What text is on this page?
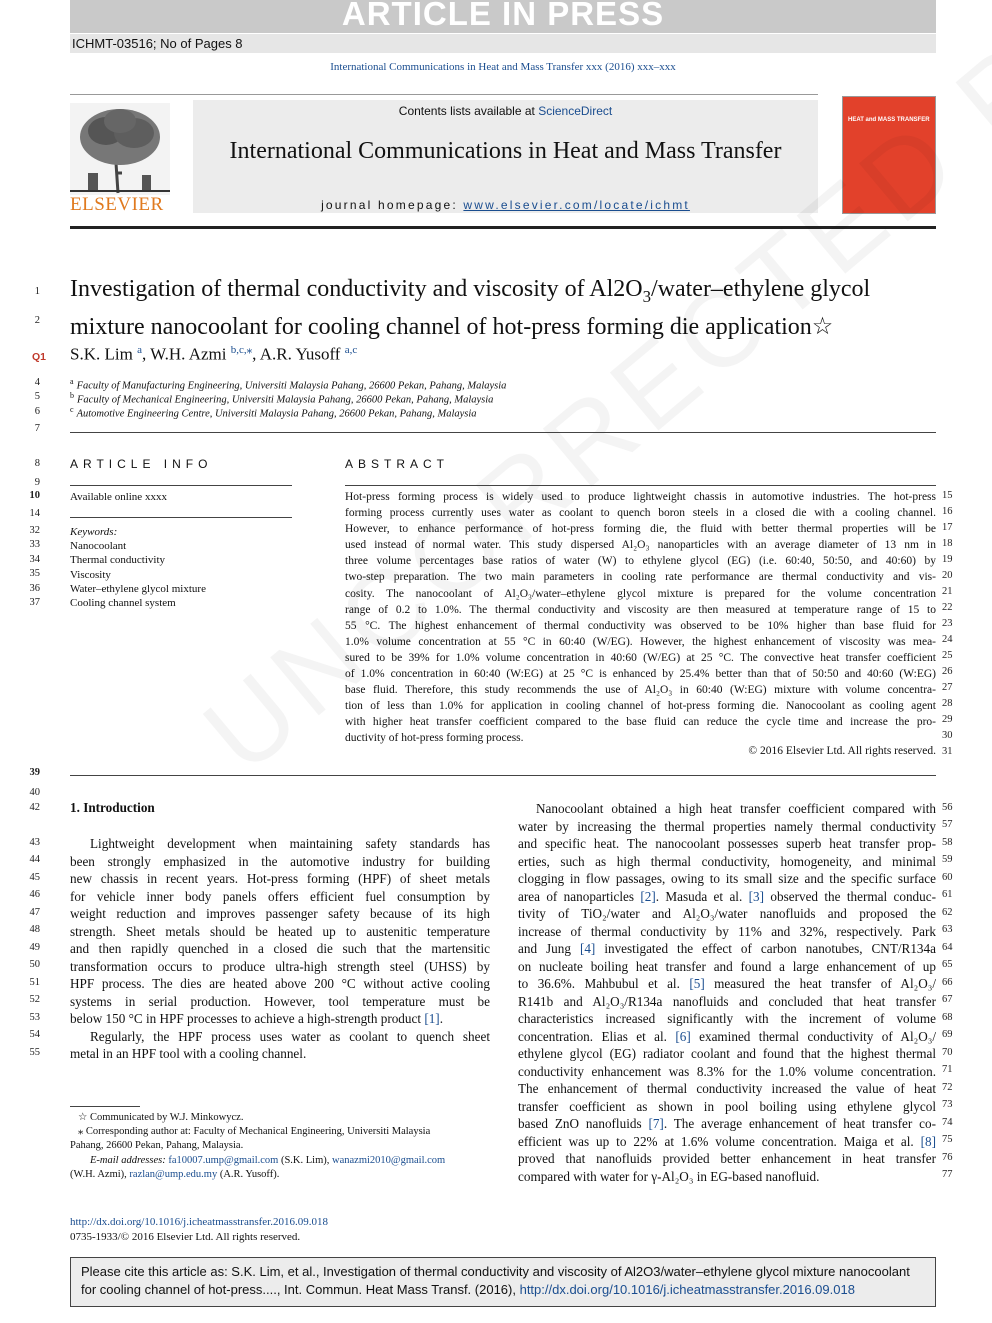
ARTICLE IN PRESS
ICHMT-03516; No of Pages 8
International Communications in Heat and Mass Transfer xxx (2016) xxx–xxx
ELSEVIER
Contents lists available at ScienceDirect
International Communications in Heat and Mass Transfer
journal homepage: www.elsevier.com/locate/ichmt
HEAT and MASS TRANSFER
1
2
Investigation of thermal conductivity and viscosity of $Al2O_3/water$–ethylene glycol
mixture nanocoolant for cooling channel of hot-press forming die application☆
Q1 S.K. Lim $^a$, W.H. Azmi $^{b,c,⁎}$, A.R. Yusoff $^{a,c}$
4
5
6
7
$^a$ Faculty of Manufacturing Engineering, Universiti Malaysia Pahang, 26600 Pekan, Pahang, Malaysia
$^b$ Faculty of Mechanical Engineering, Universiti Malaysia Pahang, 26600 Pekan, Pahang, Malaysia
$^c$ Automotive Engineering Centre, Universiti Malaysia Pahang, 26600 Pekan, Pahang, Malaysia
8
9
10
14
32
33
34
35
36
37
ARTICLE INFO
Available online xxxx
Keywords:
Nanocoolant
Thermal conductivity
Viscosity
Water–ethylene glycol mixture
Cooling channel system
ABSTRACT
Hot-press forming process is widely used to produce lightweight chassis in automotive industries. The hot-press
forming process currently uses water as coolant to quench boron steels in a closed die with a cooling channel.
However, to enhance performance of hot-press forming die, the fluid with better thermal properties will be
used instead of normal water. This study dispersed Al₂O₃ nanoparticles with an average diameter of 13 nm in
three volume percentages base ratios of water (W) to ethylene glycol (EG) (i.e. 60:40, 50:50, and 40:60) by
two-step preparation. The two main parameters in cooling rate performance are thermal conductivity and vis-
cosity. The nanocoolant of Al₂O₃/water–ethylene glycol mixture is prepared for the volume concentration
range of 0.2 to 1.0%. The thermal conductivity and viscosity are then measured at temperature range of 15 to
55 °C. The highest enhancement of thermal conductivity was observed to be 10% higher than base fluid for
1.0% volume concentration at 55 °C in 60:40 (W/EG). However, the highest enhancement of viscosity was mea-
sured to be 39% for 1.0% volume concentration in 40:60 (W/EG) at 25 °C. The convective heat transfer coefficient
of 1.0% concentration in 60:40 (W:EG) at 25 °C is enhanced by 25.4% better than that of 50:50 and 40:60 (W:EG)
base fluid. Therefore, this study recommends the use of Al₂O₃ in 60:40 (W:EG) mixture with volume concentra-
tion of less than 1.0% for application in cooling channel of hot-press forming die. Nanocoolant as cooling agent
with higher heat transfer coefficient compared to the base fluid can reduce the cycle time and increase the pro-
ductivity of hot-press forming process.
© 2016 Elsevier Ltd. All rights reserved.
15
16
17
18
19
20
21
22
23
24
25
26
27
28
29
30
31
39
40
42 1. Introduction
Lightweight development when maintaining safety standards has
been strongly emphasized in the automotive industry for building
new chassis in recent years. Hot-press forming (HPF) of sheet metals
for vehicle inner body panels offers efficient fuel consumption by
weight reduction and improves passenger safety because of its high
strength. Sheet metals should be heated up to austenitic temperature
and then rapidly quenched in a closed die such that the martensitic
transformation occurs to produce ultra-high strength steel (UHSS) by
HPF process. The dies are heated above 200 °C without active cooling
systems in serial production. However, tool temperature must be
below 150 °C in HPF processes to achieve a high-strength product [1].
Regularly, the HPF process uses water as coolant to quench sheet
metal in an HPF tool with a cooling channel.
43
44
45
46
47
48
49
50
51
52
53
54
55
Nanocoolant obtained a high heat transfer coefficient compared with
water by increasing the thermal properties namely thermal conductivity
and specific heat. The nanocoolant possesses superb heat transfer prop-
erties, such as high thermal conductivity, homogeneity, and minimal
clogging in flow passages, owing to its small size and the specific surface
area of nanoparticles [2]. Masuda et al. [3] observed the thermal conduc-
tivity of TiO₂/water and Al₂O₃/water nanofluids and proposed the
increase of thermal conductivity by 11% and 32%, respectively. Park
and Jung [4] investigated the effect of carbon nanotubes, CNT/R134a
on nucleate boiling heat transfer and found a large enhancement of up
to 36.6%. Mahbubul et al. [5] measured the heat transfer of Al₂O₃/
R141b and Al₂O₃/R134a nanofluids and concluded that heat transfer
characteristics increased significantly with the increment of volume
concentration. Elias et al. [6] examined thermal conductivity of Al₂O₃/
ethylene glycol (EG) radiator coolant and found that the highest thermal
conductivity enhancement was 8.3% for the 1.0% volume concentration.
The enhancement of thermal conductivity increased the value of heat
transfer coefficient as shown in pool boiling using ethylene glycol
based ZnO nanofluids [7]. The average enhancement of heat transfer co-
efficient was up to 22% at 1.6% volume concentration. Maiga et al. [8]
proved that nanofluids provided better enhancement in heat transfer
compared with water for γ-Al₂O₃ in EG-based nanofluid.
56
57
58
59
60
61
62
63
64
65
66
67
68
69
70
71
72
73
74
75
76
77
☆ Communicated by W.J. Minkowycz.
⁎ Corresponding author at: Faculty of Mechanical Engineering, Universiti Malaysia
Pahang, 26600 Pekan, Pahang, Malaysia.
E-mail addresses: fa10007.ump@gmail.com (S.K. Lim), wanazmi2010@gmail.com
(W.H. Azmi), razlan@ump.edu.my (A.R. Yusoff).
http://dx.doi.org/10.1016/j.icheatmasstransfer.2016.09.018
0735-1933/© 2016 Elsevier Ltd. All rights reserved.
Please cite this article as: S.K. Lim, et al., Investigation of thermal conductivity and viscosity of Al2O3/water–ethylene glycol mixture nanocoolant
for cooling channel of hot-press...., Int. Commun. Heat Mass Transf. (2016), http://dx.doi.org/10.1016/j.icheatmasstransfer.2016.09.018
